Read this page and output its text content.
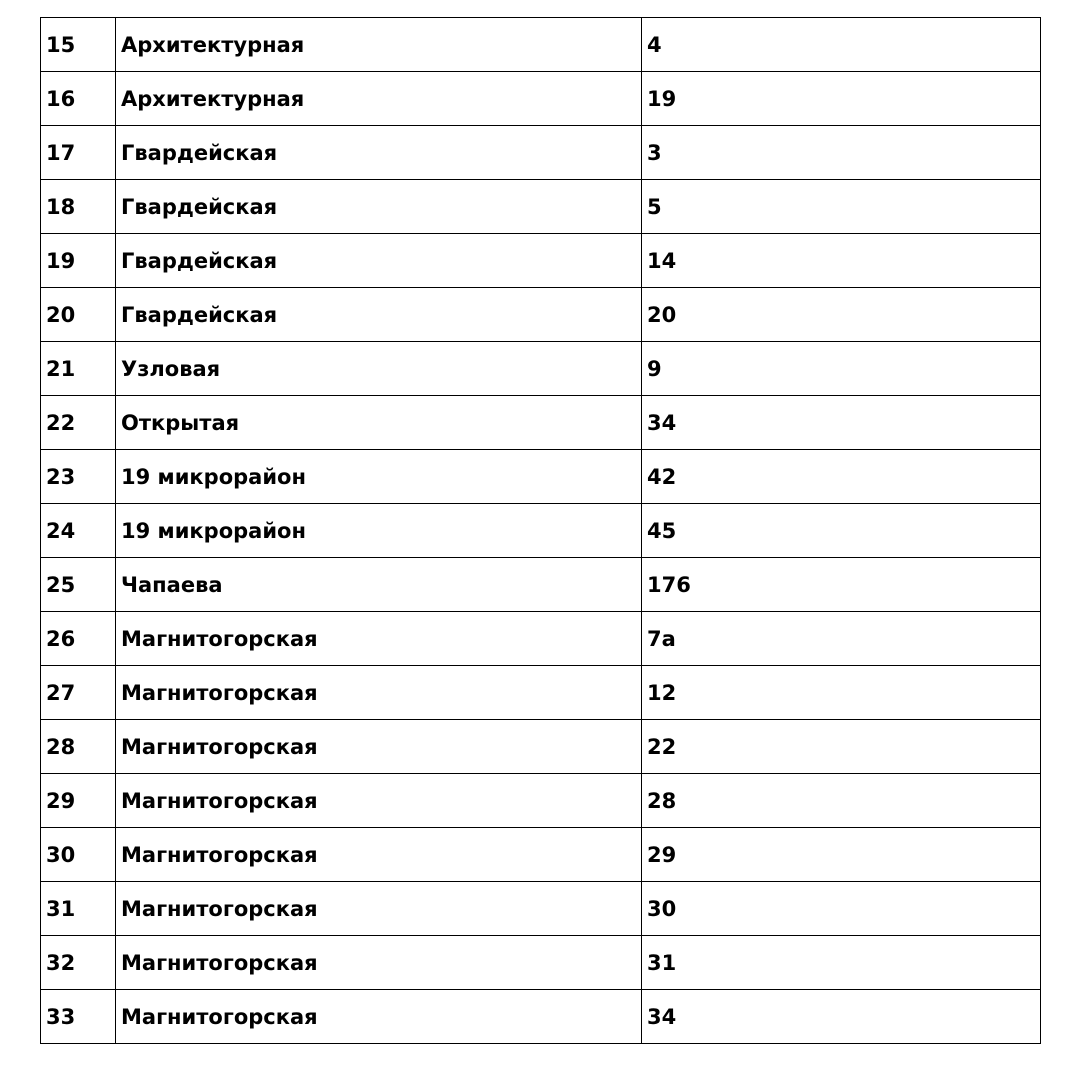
15	Архитектурная	4
16	Архитектурная	19
17	Гвардейская	3
18	Гвардейская	5
19	Гвардейская	14
20	Гвардейская	20
21	Узловая	9
22	Открытая	34
23	19 микрорайон	42
24	19 микрорайон	45
25	Чапаева	176
26	Магнитогорская	7а
27	Магнитогорская	12
28	Магнитогорская	22
29	Магнитогорская	28
30	Магнитогорская	29
31	Магнитогорская	30
32	Магнитогорская	31
33	Магнитогорская	34
